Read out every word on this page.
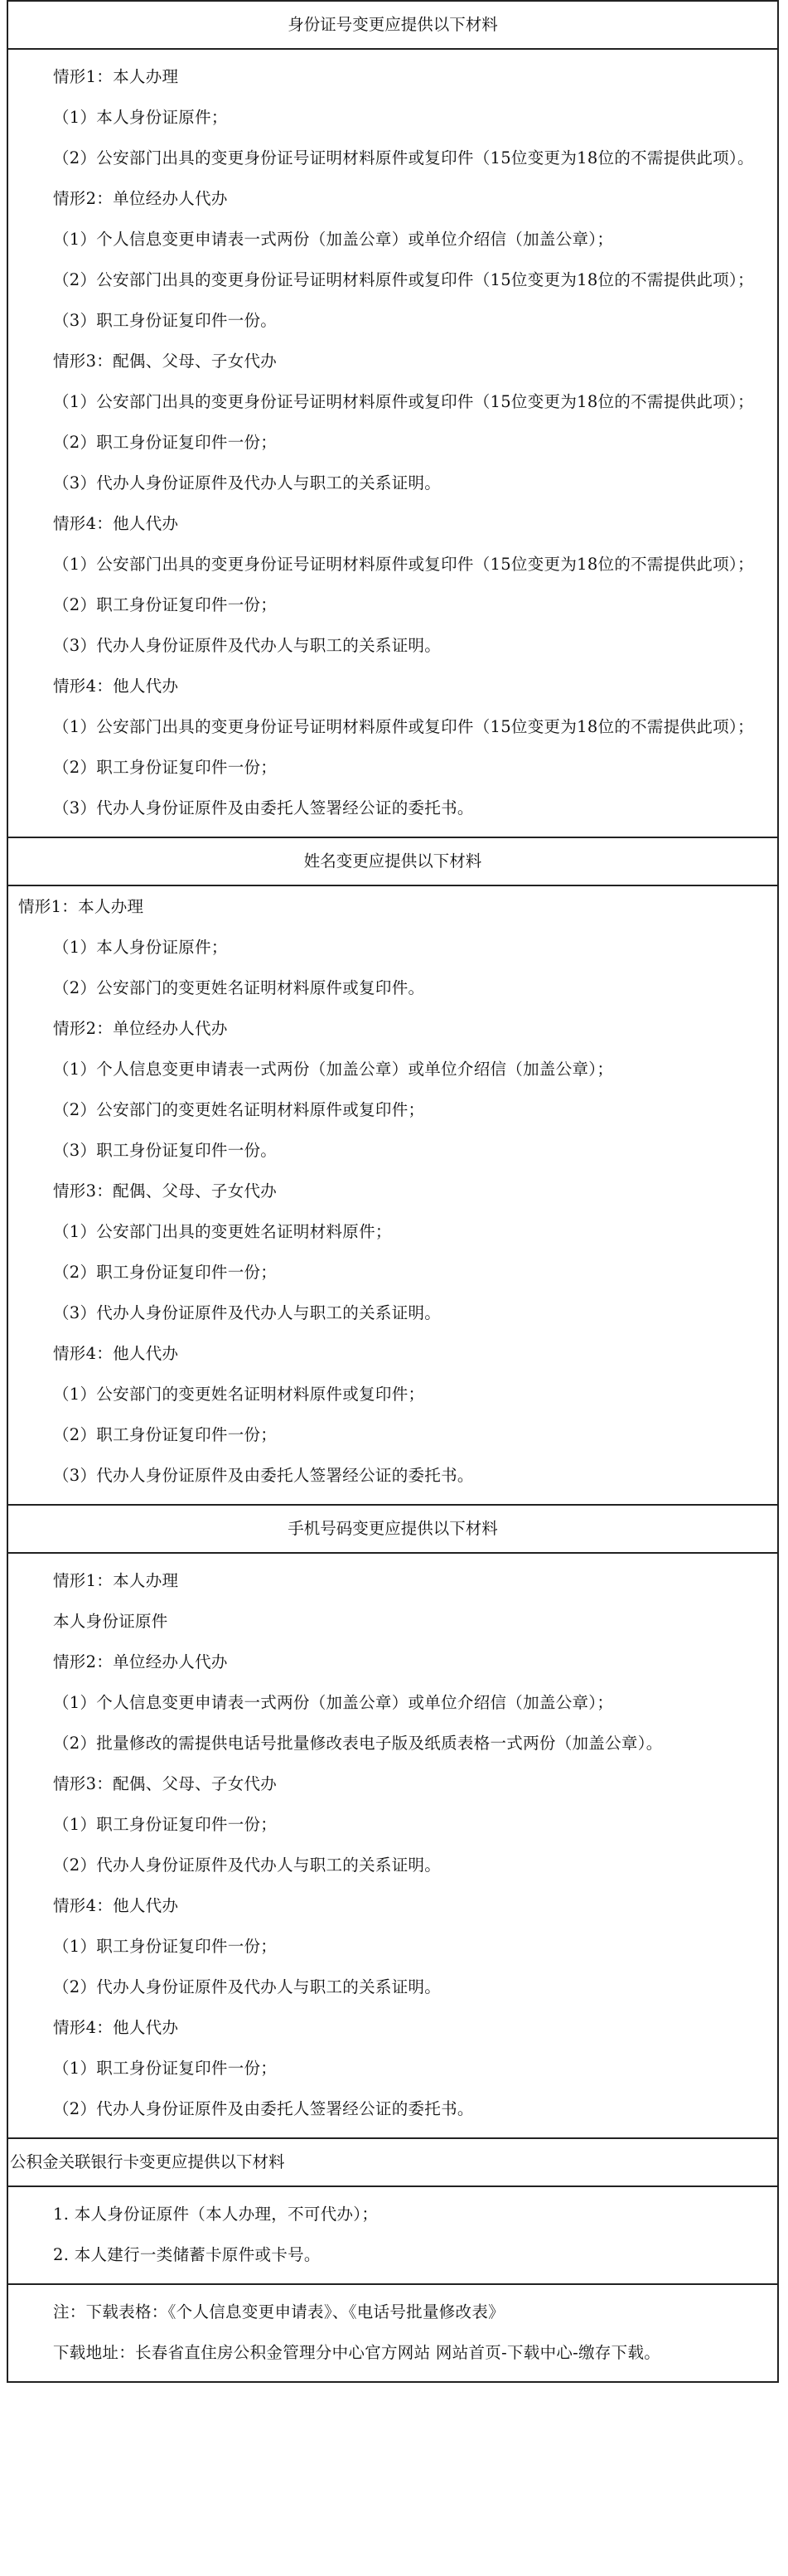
身份证号变更应提供以下材料

情形1：本人办理

（1）本人身份证原件；

（2）公安部门出具的变更身份证号证明材料原件或复印件（15位变更为18位的不需提供此项）。

情形2：单位经办人代办

（1）个人信息变更申请表一式两份（加盖公章）或单位介绍信（加盖公章）；

（2）公安部门出具的变更身份证号证明材料原件或复印件（15位变更为18位的不需提供此项）；

（3）职工身份证复印件一份。

情形3：配偶、父母、子女代办

（1）公安部门出具的变更身份证号证明材料原件或复印件（15位变更为18位的不需提供此项）；

（2）职工身份证复印件一份；

（3）代办人身份证原件及代办人与职工的关系证明。

情形4：他人代办

（1）公安部门出具的变更身份证号证明材料原件或复印件（15位变更为18位的不需提供此项）；

（2）职工身份证复印件一份；

（3）代办人身份证原件及代办人与职工的关系证明。

情形4：他人代办

（1）公安部门出具的变更身份证号证明材料原件或复印件（15位变更为18位的不需提供此项）；

（2）职工身份证复印件一份；

（3）代办人身份证原件及由委托人签署经公证的委托书。

姓名变更应提供以下材料

情形1：本人办理

（1）本人身份证原件；

（2）公安部门的变更姓名证明材料原件或复印件。

情形2：单位经办人代办

（1）个人信息变更申请表一式两份（加盖公章）或单位介绍信（加盖公章）；

（2）公安部门的变更姓名证明材料原件或复印件；

（3）职工身份证复印件一份。

情形3：配偶、父母、子女代办

（1）公安部门出具的变更姓名证明材料原件；

（2）职工身份证复印件一份；

（3）代办人身份证原件及代办人与职工的关系证明。

情形4：他人代办

（1）公安部门的变更姓名证明材料原件或复印件；

（2）职工身份证复印件一份；

（3）代办人身份证原件及由委托人签署经公证的委托书。

手机号码变更应提供以下材料

情形1：本人办理

本人身份证原件

情形2：单位经办人代办

（1）个人信息变更申请表一式两份（加盖公章）或单位介绍信（加盖公章）；

（2）批量修改的需提供电话号批量修改表电子版及纸质表格一式两份（加盖公章）。

情形3：配偶、父母、子女代办

（1）职工身份证复印件一份；

（2）代办人身份证原件及代办人与职工的关系证明。

情形4：他人代办

（1）职工身份证复印件一份；

（2）代办人身份证原件及代办人与职工的关系证明。

情形4：他人代办

（1）职工身份证复印件一份；

（2）代办人身份证原件及由委托人签署经公证的委托书。

公积金关联银行卡变更应提供以下材料

1. 本人身份证原件（本人办理，不可代办）；

2. 本人建行一类储蓄卡原件或卡号。

注：下载表格：《个人信息变更申请表》、《电话号批量修改表》

下载地址：长春省直住房公积金管理分中心官方网站 网站首页-下载中心-缴存下载。
